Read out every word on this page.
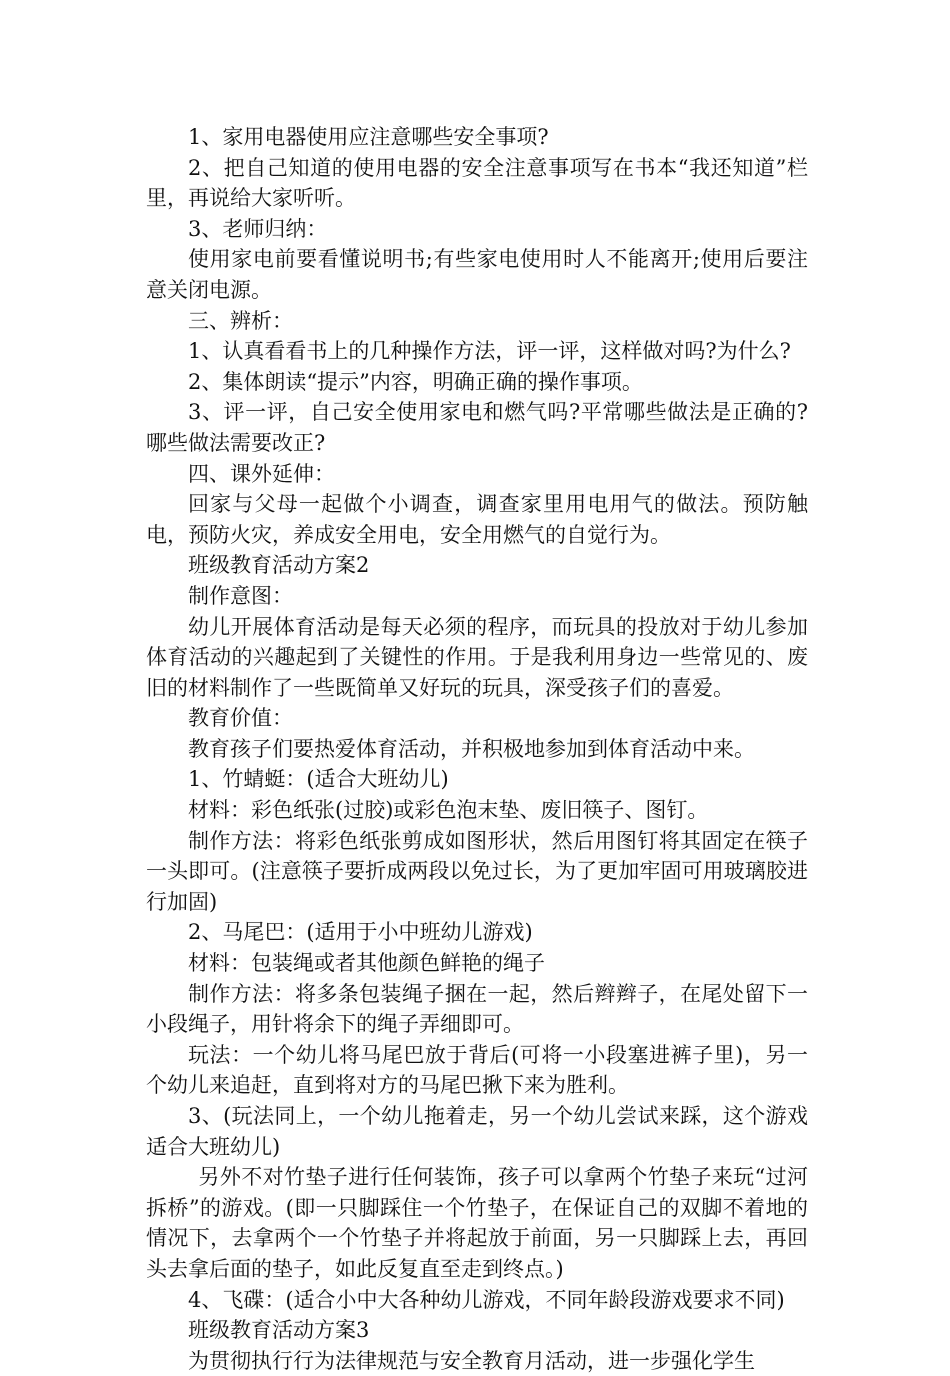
1、家用电器使用应注意哪些安全事项?

2、把自己知道的使用电器的安全注意事项写在书本“我还知道”栏里，再说给大家听听。

3、老师归纳：

使用家电前要看懂说明书;有些家电使用时人不能离开;使用后要注意关闭电源。

三、辨析：

1、认真看看书上的几种操作方法，评一评，这样做对吗?为什么?

2、集体朗读“提示”内容，明确正确的操作事项。

3、评一评，自己安全使用家电和燃气吗?平常哪些做法是正确的?哪些做法需要改正?

四、课外延伸：

回家与父母一起做个小调查，调查家里用电用气的做法。预防触电，预防火灾，养成安全用电，安全用燃气的自觉行为。

班级教育活动方案2

制作意图：

幼儿开展体育活动是每天必须的程序，而玩具的投放对于幼儿参加体育活动的兴趣起到了关键性的作用。于是我利用身边一些常见的、废旧的材料制作了一些既简单又好玩的玩具，深受孩子们的喜爱。

教育价值：

教育孩子们要热爱体育活动，并积极地参加到体育活动中来。

1、竹蜻蜓：(适合大班幼儿)

材料：彩色纸张(过胶)或彩色泡末垫、废旧筷子、图钉。

制作方法：将彩色纸张剪成如图形状，然后用图钉将其固定在筷子一头即可。(注意筷子要折成两段以免过长，为了更加牢固可用玻璃胶进行加固)

2、马尾巴：(适用于小中班幼儿游戏)

材料：包装绳或者其他颜色鲜艳的绳子

制作方法：将多条包装绳子捆在一起，然后辫辫子，在尾处留下一小段绳子，用针将余下的绳子弄细即可。

玩法：一个幼儿将马尾巴放于背后(可将一小段塞进裤子里)，另一个幼儿来追赶，直到将对方的马尾巴揪下来为胜利。

3、(玩法同上，一个幼儿拖着走，另一个幼儿尝试来踩，这个游戏适合大班幼儿)

另外不对竹垫子进行任何装饰，孩子可以拿两个竹垫子来玩“过河拆桥”的游戏。(即一只脚踩住一个竹垫子，在保证自己的双脚不着地的情况下，去拿两个一个竹垫子并将起放于前面，另一只脚踩上去，再回头去拿后面的垫子，如此反复直至走到终点。)

4、飞碟：(适合小中大各种幼儿游戏，不同年龄段游戏要求不同)

班级教育活动方案3

为贯彻执行行为法律规范与安全教育月活动，进一步强化学生
